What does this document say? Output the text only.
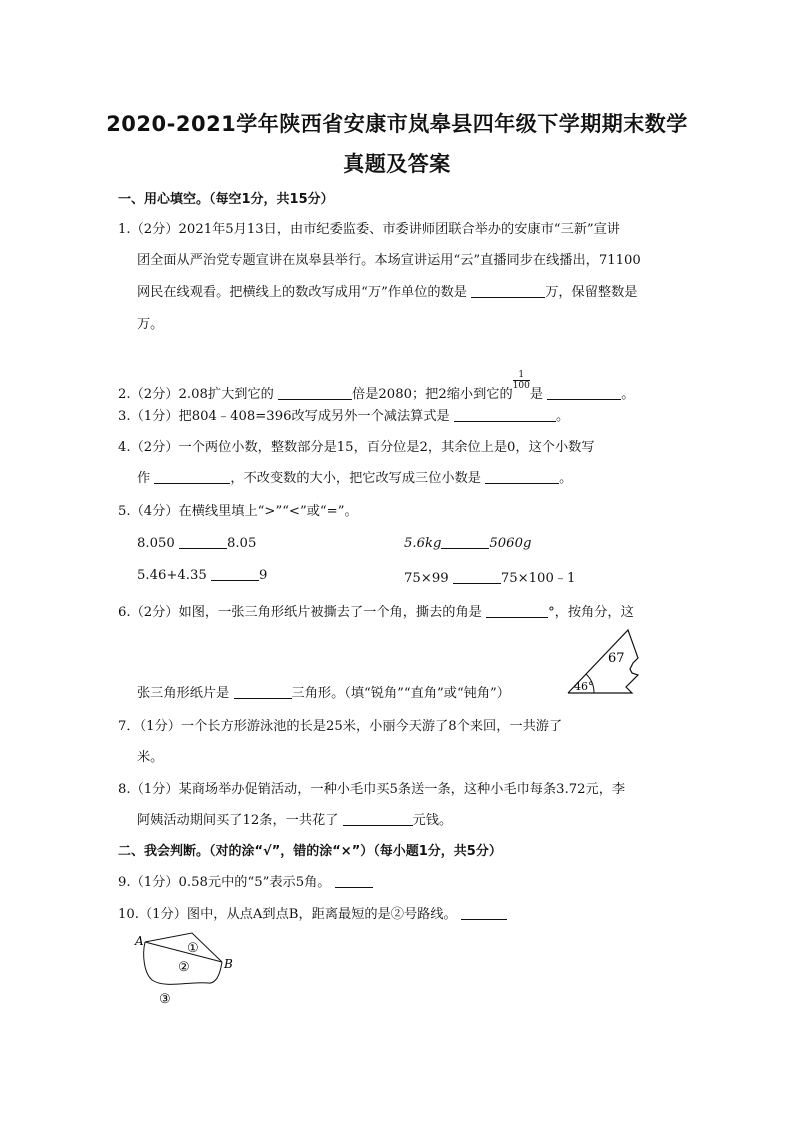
2020-2021学年陕西省安康市岚皋县四年级下学期期末数学
真题及答案
一、用心填空。（每空1分，共15分）
1.（2分）2021年5月13日，由市纪委监委、市委讲师团联合举办的安康市“三新”宣讲
团全面从严治党专题宣讲在岚皋县举行。本场宣讲运用“云”直播同步在线播出，71100
网民在线观看。把横线上的数改写成用“万”作单位的数是	万，保留整数是
万。
2.（2分）2.08扩大到它的	倍是2080；把2缩小到它的
$\frac{1}{100}$
是	。
3.（1分）把804﹣408=396改写成另外一个减法算式是	。
4.（2分）一个两位小数，整数部分是15，百分位是2，其余位上是0，这个小数写
作	，不改变数的大小，把它改写成三位小数是	。
5.（4分）在横线里填上“>”“<”或“=”。
8.050	8.05	5.6kg	5060g
5.46+4.35	9	75×99	75×100﹣1
6.（2分）如图，一张三角形纸片被撕去了一个角，撕去的角是	°，按角分，这
67
46°
张三角形纸片是	三角形。（填“锐角”“直角”或“钝角”）
7．（1分）一个长方形游泳池的长是25米，小丽今天游了8个来回，一共游了
米。
8.（1分）某商场举办促销活动，一种小毛巾买5条送一条，这种小毛巾每条3.72元，李
阿姨活动期间买了12条，一共花了	元钱。
二、我会判断。（对的涂“√”，错的涂“×”）（每小题1分，共5分）
9.（1分）0.58元中的“5”表示5角。
10.（1分）图中，从点A到点B，距离最短的是②号路线。
A
B
①
②
③
